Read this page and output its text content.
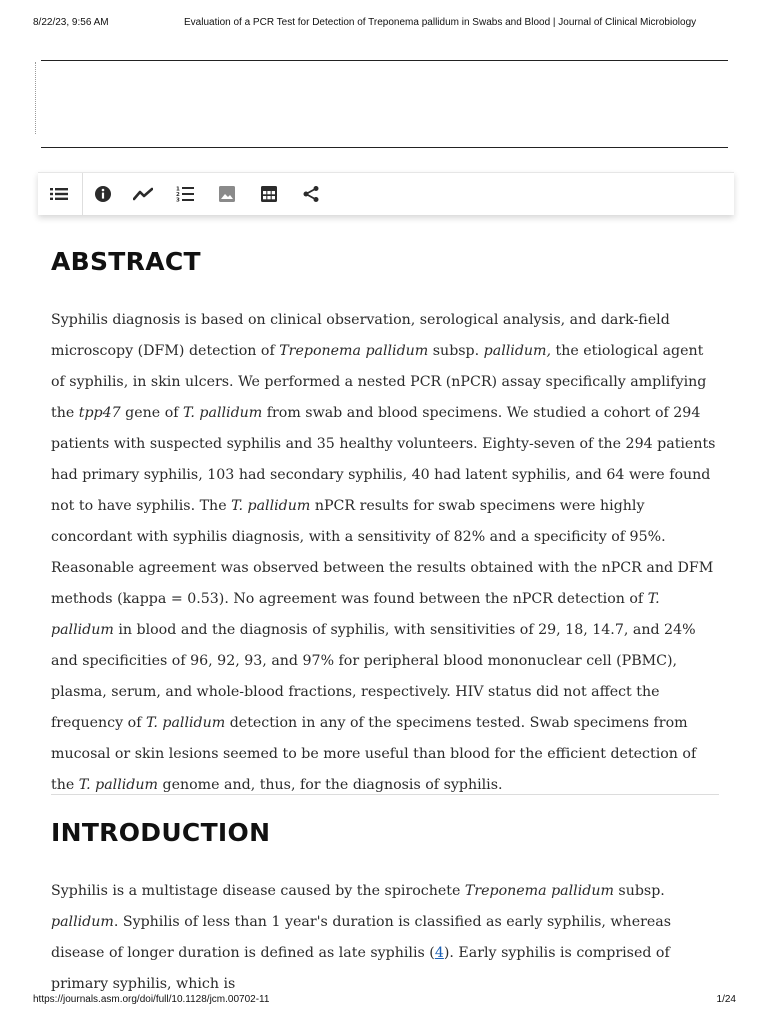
8/22/23, 9:56 AM	Evaluation of a PCR Test for Detection of Treponema pallidum in Swabs and Blood | Journal of Clinical Microbiology
1
2
3
ABSTRACT

Syphilis diagnosis is based on clinical observation, serological analysis, and dark-field microscopy (DFM) detection of Treponema pallidum subsp. pallidum, the etiological agent of syphilis, in skin ulcers. We performed a nested PCR (nPCR) assay specifically amplifying the tpp47 gene of T. pallidum from swab and blood specimens. We studied a cohort of 294 patients with suspected syphilis and 35 healthy volunteers. Eighty-seven of the 294 patients had primary syphilis, 103 had secondary syphilis, 40 had latent syphilis, and 64 were found not to have syphilis. The T. pallidum nPCR results for swab specimens were highly concordant with syphilis diagnosis, with a sensitivity of 82% and a specificity of 95%. Reasonable agreement was observed between the results obtained with the nPCR and DFM methods (kappa = 0.53). No agreement was found between the nPCR detection of T. pallidum in blood and the diagnosis of syphilis, with sensitivities of 29, 18, 14.7, and 24% and specificities of 96, 92, 93, and 97% for peripheral blood mononuclear cell (PBMC), plasma, serum, and whole-blood fractions, respectively. HIV status did not affect the frequency of T. pallidum detection in any of the specimens tested. Swab specimens from mucosal or skin lesions seemed to be more useful than blood for the efficient detection of the T. pallidum genome and, thus, for the diagnosis of syphilis.

INTRODUCTION

Syphilis is a multistage disease caused by the spirochete Treponema pallidum subsp. pallidum. Syphilis of less than 1 year's duration is classified as early syphilis, whereas disease of longer duration is defined as late syphilis (4). Early syphilis is comprised of primary syphilis, which is

https://journals.asm.org/doi/full/10.1128/jcm.00702-11	1/24
